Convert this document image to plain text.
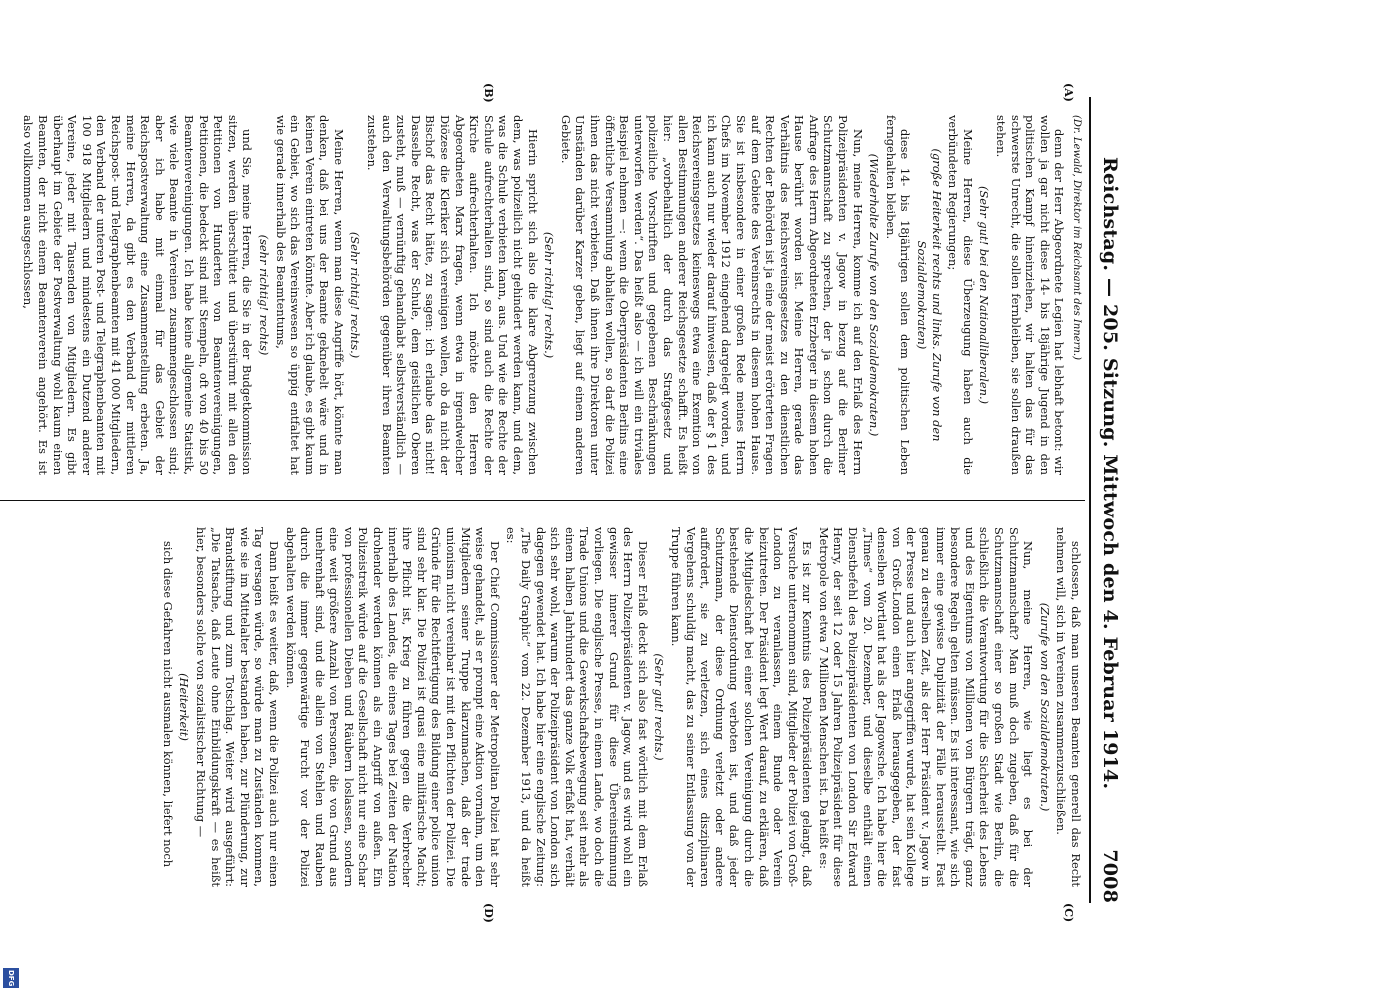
DFG
Reichstag. — 205. Sitzung. Mittwoch den 4. Februar 1914.
7008
(A)
(B)
(C)
(D)

(Dr. Lewald, Direktor im Reichsamt des Innern.)

denn der Herr Abgeordnete Legien hat lebhaft betont: wir wollen ja gar nicht diese 14- bis 18jährige Jugend in den politischen Kampf hineinziehen, wir halten das für das schwerste Unrecht, die sollen fernbleiben, sie sollen draußen stehen.

(Sehr gut! bei den Nationalliberalen.)

Meine Herren, diese Überzeugung haben auch die verbündeten Regierungen;

(große Heiterkeit rechts und links. Zurufe von den Sozialdemokraten)

diese 14- bis 18jährigen sollen dem politischen Leben ferngehalten bleiben.

(Wiederholte Zurufe von den Sozialdemokraten.)

Nun, meine Herren, komme ich auf den Erlaß des Herrn Polizeipräsidenten v. Jagow in bezug auf die Berliner Schutzmannschaft zu sprechen, der ja schon durch die Anfrage des Herrn Abgeordneten Erzberger in diesem hohen Hause berührt worden ist. Meine Herren, gerade das Verhältnis des Reichsvereinsgesetzes zu den dienstlichen Rechten der Behörden ist ja eine der meist erörterten Fragen auf dem Gebiete des Vereinsrechts in diesem hohen Hause. Sie ist insbesondere in einer großen Rede meines Herrn Chefs im November 1912 eingehend dargelegt worden, und ich kann auch nur wieder darauf hinweisen, daß der § 1 des Reichsvereinsgesetzes keineswegs etwa eine Exemtion von allen Bestimmungen anderer Reichsgesetze schafft. Es heißt hier: „vorbehaltlich der durch das Strafgesetz und polizeiliche Vorschriften und gegebenen Beschränkungen unterworfen werden“. Das heißt also — ich will ein triviales Beispiel nehmen —: wenn die Oberpräsidenten Berlins eine öffentliche Versammlung abhalten wollen, so darf die Polizei ihnen das nicht verbieten. Daß ihnen ihre Direktoren unter Umständen darüber Karzer geben, liegt auf einem anderen Gebiete.

(Sehr richtig! rechts.)

Hierin spricht sich also die klare Abgrenzung zwischen dem, was polizeilich nicht gehindert werden kann, und dem, was die Schule verbieten kann, aus. Und wie die Rechte der Schule aufrechterhalten sind, so sind auch die Rechte der Kirche aufrechterhalten. Ich möchte den Herren Abgeordneten Marx fragen, wenn etwa in irgendwelcher Diözese die Kleriker sich vereinigen wollen, ob da nicht der Bischof das Recht hätte, zu sagen: ich erlaube das nicht! Dasselbe Recht, was der Schule, dem geistlichen Oberen zusteht, muß — vernünftig gehandhabt selbstverständlich — auch den Verwaltungsbehörden gegenüber ihren Beamten zustehen.

(Sehr richtig! rechts.)

Meine Herren, wenn man diese Angriffe hört, könnte man denken, daß bei uns der Beamte geknebelt wäre und in keinen Verein eintreten könnte. Aber ich glaube, es gibt kaum ein Gebiet, wo sich das Vereinswesen so üppig entfaltet hat wie gerade innerhalb des Beamtentums,

(sehr richtig! rechts)

und Sie, meine Herren, die Sie in der Budgetkommission sitzen, werden überschüttet und überstürmt mit allen den Petitionen von Hunderten von Beamtenvereinigungen, Petitionen, die bedeckt sind mit Stempeln, oft von 40 bis 50 Beamtenvereinigungen. Ich habe keine allgemeine Statistik, wie viele Beamte in Vereinen zusammengeschlossen sind; aber ich habe mit einmal für das Gebiet der Reichspostverwaltung eine Zusammenstellung erbeten. Ja, meine Herren, da gibt es den Verband der mittleren Reichspost- und Telegraphenbeamten mit 41 000 Mitgliedern, den Verband der unteren Post- und Telegraphenbeamten mit 100 918 Mitgliedern und mindestens ein Dutzend anderer Vereine, jeder mit Tausenden von Mitgliedern. Es gibt überhaupt im Gebiete der Postverwaltung wohl kaum einen Beamten, der nicht einem Beamtenverein angehört. Es ist also vollkommen ausgeschlossen,

schlossen, daß man unseren Beamten generell das Recht nehmen will, sich in Vereinen zusammenzuschließen.

(Zurufe von den Sozialdemokraten.)

Nun, meine Herren, wie liegt es bei der Schutzmannschaft? Man muß doch zugeben, daß für die Schutzmannschaft einer so großen Stadt wie Berlin, die schließlich die Verantwortung für die Sicherheit des Lebens und des Eigentums von Millionen von Bürgern trägt, ganz besondere Regeln gelten müssen. Es ist interessant, wie sich immer eine gewisse Duplizität der Fälle herausstellt. Fast genau zu derselben Zeit, als der Herr Präsident v. Jagow in der Presse und auch hier angegriffen wurde, hat sein Kollege von Groß-London einen Erlaß herausgegeben, der fast denselben Wortlaut hat als der Jagowsche. Ich habe hier die „Times“ vom 20. Dezember, und dieselbe enthält einen Dienstbefehl des Polizeipräsidenten von London Sir Edward Henry, der seit 12 oder 15 Jahren Polizeipräsident für diese Metropole von etwa 7 Millionen Menschen ist. Da heißt es:

Es ist zur Kenntnis des Polizeipräsidenten gelangt, daß Versuche unternommen sind, Mitglieder der Polizei von Groß-London zu veranlassen, einem Bunde oder Verein beizutreten. Der Präsident legt Wert darauf, zu erklären, daß die Mitgliedschaft bei einer solchen Vereinigung durch die bestehende Dienstordnung verboten ist, und daß jeder Schutzmann, der diese Ordnung verletzt oder andere auffordert, sie zu verletzen, sich eines disziplinaren Vergehens schuldig macht, das zu seiner Entlassung von der Truppe führen kann.

(Sehr gut! rechts.)

Dieser Erlaß deckt sich also fast wörtlich mit dem Erlaß des Herrn Polizeipräsidenten v. Jagow, und es wird wohl ein gewisser innerer Grund für diese Übereinstimmung vorliegen. Die englische Presse, in einem Lande, wo doch die Trade Unions und die Gewerkschaftsbewegung seit mehr als einem halben Jahrhundert das ganze Volk erfaßt hat, verhält sich sehr wohl, warum der Polizeipräsident von London sich dagegen gewendet hat. Ich habe hier eine englische Zeitung: „The Daily Graphic“ vom 22. Dezember 1913, und da heißt es:

Der Chief Commissioner der Metropolitan Polizei hat sehr weise gehandelt, als er prompt eine Aktion vornahm, um den Mitgliedern seiner Truppe klarzumachen, daß der trade unionism nicht vereinbar ist mit den Pflichten der Polizei. Die Gründe für die Rechtfertigung des Bildung einer police union sind sehr klar. Die Polizei ist quasi eine militärische Macht; ihre Pflicht ist, Krieg zu führen gegen die Verbrecher innerhalb des Landes, die eines Tages bei Zeiten der Nation drohender werden können als ein Angriff von außen. Ein Polizeistreik würde auf die Gesellschaft nicht nur eine Schar von professionellen Dieben und Räubern loslassen, sondern eine weit größere Anzahl von Personen, die von Grund aus unehrenhaft sind, und die allein von Stehlen und Rauben durch die immer gegenwärtige Furcht vor der Polizei abgehalten werden können.

Dann heißt es weiter, daß, wenn die Polizei auch nur einen Tag versagen würde, so würde man zu Zuständen kommen, wie sie im Mittelalter bestanden haben, zur Plünderung, zur Brandstiftung und zum Totschlag. Weiter wird ausgeführt: „Die Tatsache, daß Leute ohne Einbildungskraft — es heißt hier, besonders solche von sozialistischer Richtung —

(Heiterkeit)

sich diese Gefahren nicht ausmalen können, liefert noch
